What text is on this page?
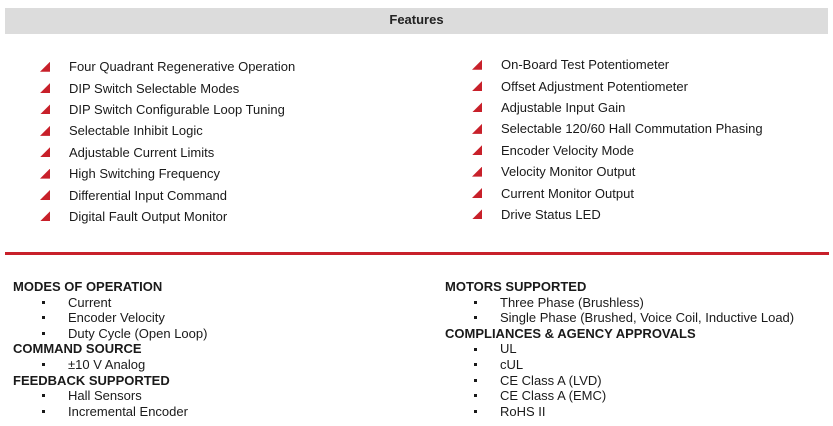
Features
Four Quadrant Regenerative Operation
DIP Switch Selectable Modes
DIP Switch Configurable Loop Tuning
Selectable Inhibit Logic
Adjustable Current Limits
High Switching Frequency
Differential Input Command
Digital Fault Output Monitor
On-Board Test Potentiometer
Offset Adjustment Potentiometer
Adjustable Input Gain
Selectable 120/60 Hall Commutation Phasing
Encoder Velocity Mode
Velocity Monitor Output
Current Monitor Output
Drive Status LED
MODES OF OPERATION
Current
Encoder Velocity
Duty Cycle (Open Loop)
COMMAND SOURCE
±10 V Analog
FEEDBACK SUPPORTED
Hall Sensors
Incremental Encoder
MOTORS SUPPORTED
Three Phase (Brushless)
Single Phase (Brushed, Voice Coil, Inductive Load)
COMPLIANCES & AGENCY APPROVALS
UL
cUL
CE Class A (LVD)
CE Class A (EMC)
RoHS II
